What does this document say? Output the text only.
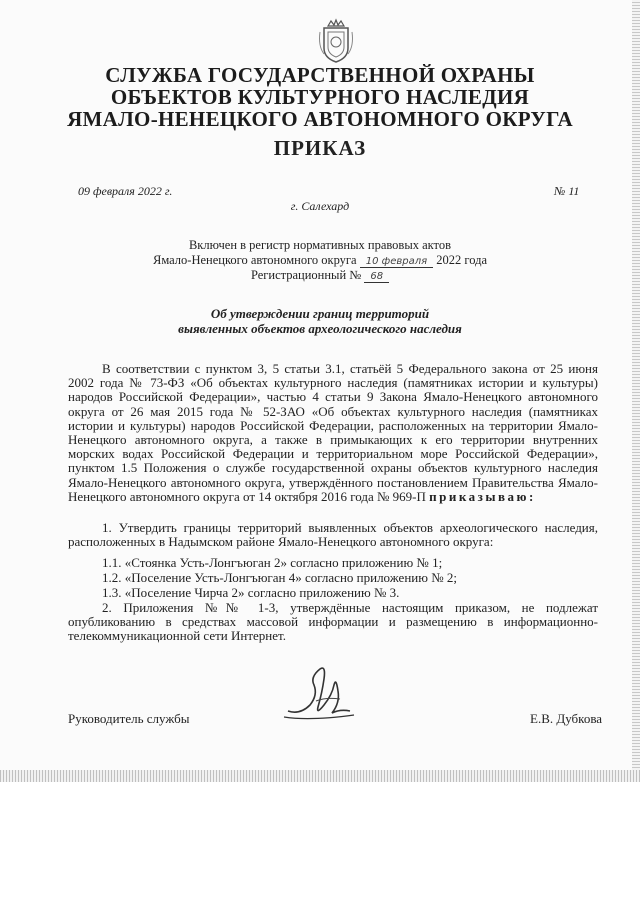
СЛУЖБА ГОСУДАРСТВЕННОЙ ОХРАНЫ
ОБЪЕКТОВ КУЛЬТУРНОГО НАСЛЕДИЯ
ЯМАЛО-НЕНЕЦКОГО АВТОНОМНОГО ОКРУГА
ПРИКАЗ
09 февраля 2022 г.	№ 11
г. Салехард
Включен в регистр нормативных правовых актов
Ямало-Ненецкого автономного округа 10 февраля 2022 года
Регистрационный № 68
Об утверждении границ территорий
выявленных объектов археологического наследия

В соответствии с пунктом 3, 5 статьи 3.1, статьёй 5 Федерального закона от 25 июня 2002 года № 73-ФЗ «Об объектах культурного наследия (памятниках истории и культуры) народов Российской Федерации», частью 4 статьи 9 Закона Ямало-Ненецкого автономного округа от 26 мая 2015 года № 52-ЗАО «Об объектах культурного наследия (памятниках истории и культуры) народов Российской Федерации, расположенных на территории Ямало-Ненецкого автономного округа, а также в примыкающих к его территории внутренних морских водах Российской Федерации и территориальном море Российской Федерации», пунктом 1.5 Положения о службе государственной охраны объектов культурного наследия Ямало-Ненецкого автономного округа, утверждённого постановлением Правительства Ямало-Ненецкого автономного округа от 14 октября 2016 года № 969-П приказываю:

1. Утвердить границы территорий выявленных объектов археологического наследия, расположенных в Надымском районе Ямало-Ненецкого автономного округа:

1.1. «Стоянка Усть-Лонгъюган 2» согласно приложению № 1;
1.2. «Поселение Усть-Лонгъюган 4» согласно приложению № 2;
1.3. «Поселение Чирча 2» согласно приложению № 3.

2. Приложения №№ 1-3, утверждённые настоящим приказом, не подлежат опубликованию в средствах массовой информации и размещению в информационно-телекоммуникационной сети Интернет.

Руководитель службы	Е.В. Дубкова
